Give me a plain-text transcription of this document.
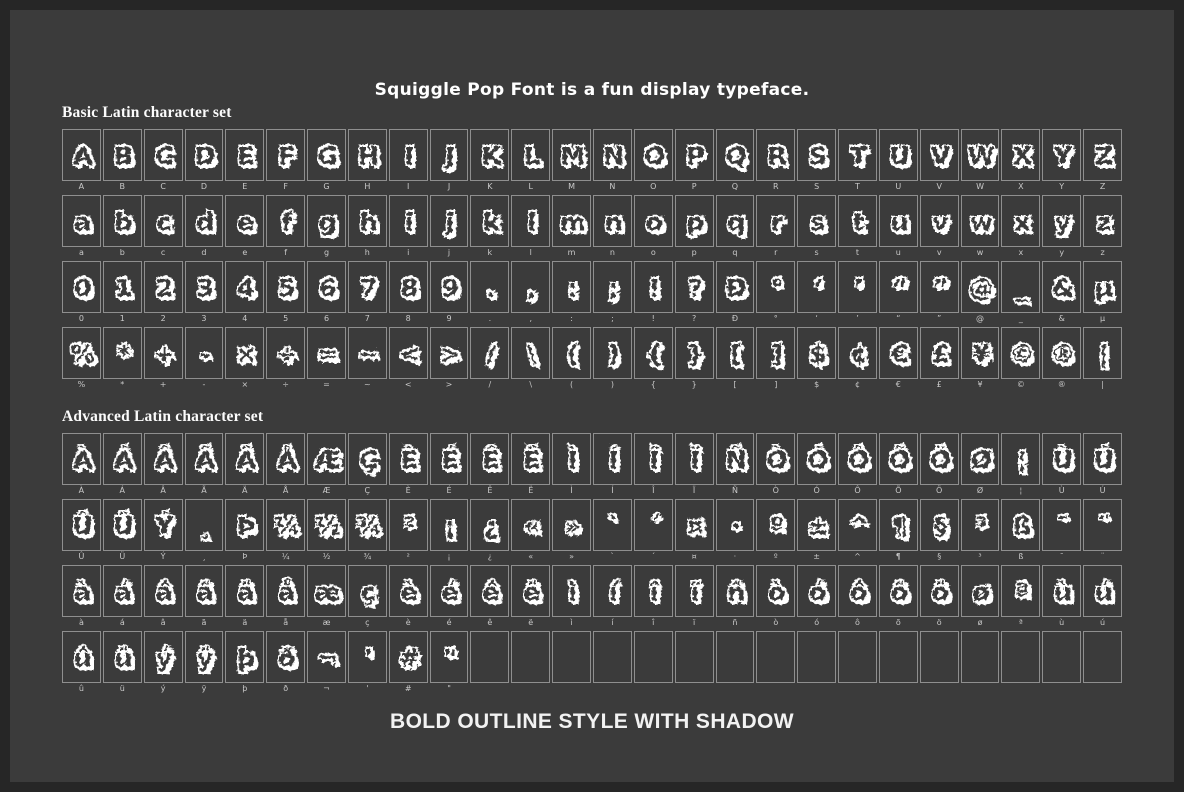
Squiggle Pop Font is a fun display typeface.
Basic Latin character set
A
A
B
B
C
C
D
D
E
E
F
F
G
G
H
H
I
I
J
J
K
K
L
L
M
M
N
N
O
O
P
P
Q
Q
R
R
S
S
T
T
U
U
V
V
W
W
X
X
Y
Y
Z
Z
a
a
b
b
c
c
d
d
e
e
f
f
g
g
h
h
i
i
j
j
k
k
l
l
m
m
n
n
o
o
p
p
q
q
r
r
s
s
t
t
u
u
v
v
w
w
x
x
y
y
z
z
0
0
1
1
2
2
3
3
4
4
5
5
6
6
7
7
8
8
9
9
.
.
,
,
:
:
;
;
!
!
?
?
Ð
Ð
°
°
‘
‘
’
’
“
“
”
”
@
@
_
_
&
&
µ
µ
%
%
*
*
+
+
-
-
×
×
÷
÷
=
=
~
~
<
<
>
>
/
/
\
\
(
(
)
)
{
{
}
}
[
[
]
]
$
$
¢
¢
€
€
£
£
¥
¥
©
©
®
®
|
|
Advanced Latin character set
À
À
Á
Á
Â
Â
Ã
Ã
Ä
Ä
Å
Å
Æ
Æ
Ç
Ç
È
È
É
É
Ê
Ê
Ë
Ë
Ì
Ì
Í
Í
Î
Î
Ï
Ï
Ñ
Ñ
Ò
Ò
Ó
Ó
Ô
Ô
Õ
Õ
Ö
Ö
Ø
Ø
¦
¦
Ù
Ù
Ú
Ú
Û
Û
Ü
Ü
Ý
Ý
¸
¸
Þ
Þ
¼
¼
½
½
¾
¾
²
²
¡
¡
¿
¿
«
«
»
»
`
`
´
´
¤
¤
·
·
º
º
±
±
^
^
¶
¶
§
§
³
³
ß
ß
¯
¯
¨
¨
à
à
á
á
â
â
ã
ã
ä
ä
å
å
æ
æ
ç
ç
è
è
é
é
ê
ê
ë
ë
ì
ì
í
í
î
î
ï
ï
ñ
ñ
ò
ò
ó
ó
ô
ô
õ
õ
ö
ö
ø
ø
ª
ª
ù
ù
ú
ú
û
û
ü
ü
ý
ý
ÿ
ÿ
þ
þ
ð
ð
¬
¬
'
'
#
#
"
"
BOLD OUTLINE STYLE WITH SHADOW
